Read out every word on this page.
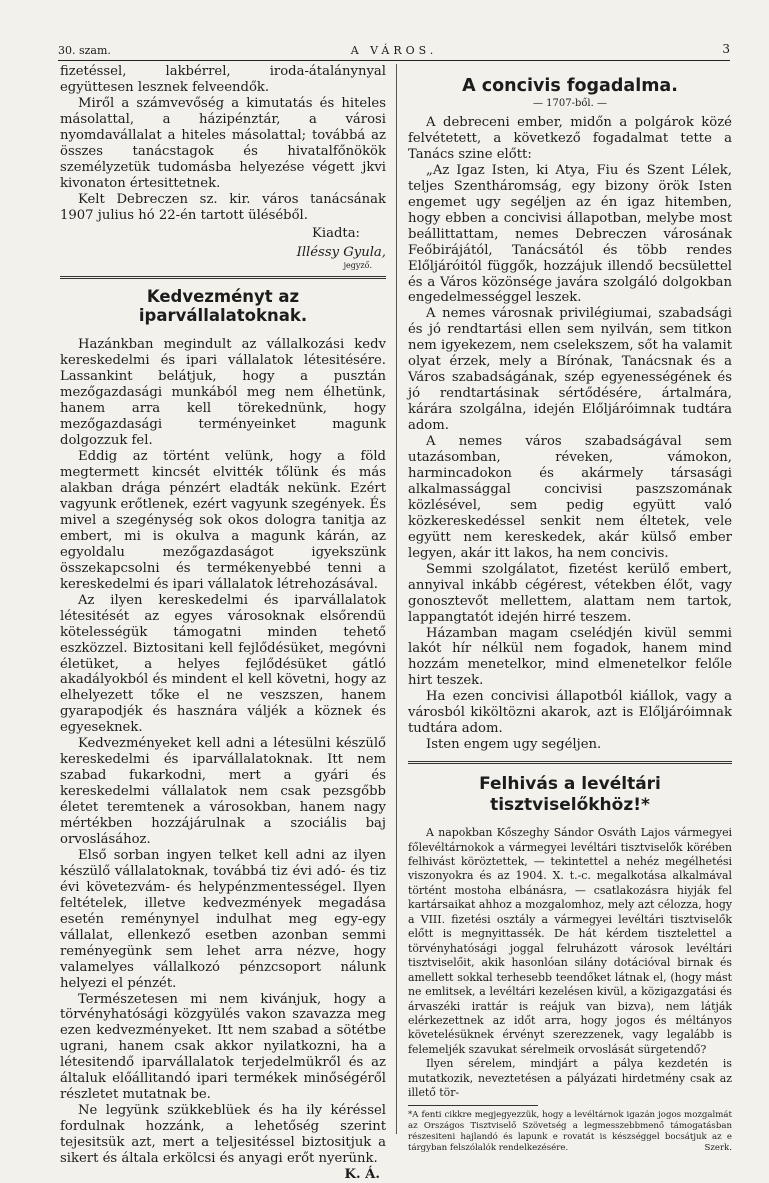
30. szam.	A VÁROS.	3

fizetéssel, lakbérrel, iroda-átalánynyal együttesen lesznek felveendők.

Miről a számvevőség a kimutatás és hiteles másolattal, a házipénztár, a városi nyomdavállalat a hiteles másolattal; továbbá az összes tanácstagok és hivatalfőnökök személyzetük tudomásba helyezése végett jkvi kivonaton értesittetnek.

Kelt Debreczen sz. kir. város tanácsának 1907 julius hó 22-én tartott üléséből.

Kiadta:

Illéssy Gyula,
jegyző.
Kedvezményt az iparvállalatoknak.

Hazánkban megindult az vállalkozási kedv kereskedelmi és ipari vállalatok létesitésére. Lassankint belátjuk, hogy a pusztán mezőgazdasági munkából meg nem élhetünk, hanem arra kell törekednünk, hogy mezőgazdasági terményeinket magunk dolgozzuk fel.

Eddig az történt velünk, hogy a föld megtermett kincsét elvitték tőlünk és más alakban drága pénzért eladták nekünk. Ezért vagyunk erőtlenek, ezért vagyunk szegények. És mivel a szegénység sok okos dologra tanitja az embert, mi is okulva a magunk kárán, az egyoldalu mezőgazdaságot igyekszünk összekapcsolni és termékenyebbé tenni a kereskedelmi és ipari vállalatok létrehozásával.

Az ilyen kereskedelmi és iparvállalatok létesitését az egyes városoknak elsőrendü kötelességük támogatni minden tehető eszközzel. Biztositani kell fejlődésüket, megóvni életüket, a helyes fejlődésüket gátló akadályokból és mindent el kell követni, hogy az elhelyezett tőke el ne veszszen, hanem gyarapodjék és hasznára váljék a köznek és egyeseknek.

Kedvezményeket kell adni a létesülni készülő kereskedelmi és iparvállalatoknak. Itt nem szabad fukarkodni, mert a gyári és kereskedelmi vállalatok nem csak pezsgőbb életet teremtenek a városokban, hanem nagy mértékben hozzájárulnak a szociális baj orvoslásához.

Első sorban ingyen telket kell adni az ilyen készülő vállalatoknak, továbbá tiz évi adó- és tiz évi követezvám- és helypénzmentességel. Ilyen feltételek, illetve kedvezmények megadása esetén reménynyel indulhat meg egy-egy vállalat, ellenkező esetben azonban semmi reményegünk sem lehet arra nézve, hogy valamelyes vállalkozó pénzcsoport nálunk helyezi el pénzét.

Természetesen mi nem kivánjuk, hogy a törvényhatósági közgyülés vakon szavazza meg ezen kedvezményeket. Itt nem szabad a sötétbe ugrani, hanem csak akkor nyilatkozni, ha a létesitendő iparvállalatok terjedelmükről és az általuk előállitandó ipari termékek minőségéről részletet mutatnak be.

Ne legyünk szükkeblüek és ha ily kéréssel fordulnak hozzánk, a lehetőség szerint tejesitsük azt, mert a teljesitéssel biztositjuk a sikert és általa erkölcsi és anyagi erőt nyerünk.

K. Á.

A concivis fogadalma.
— 1707-ből. —

A debreceni ember, midőn a polgárok közé felvétetett, a következő fogadalmat tette a Tanács szine előtt:

„Az Igaz Isten, ki Atya, Fiu és Szent Lélek, teljes Szentháromság, egy bizony örök Isten engemet ugy segéljen az én igaz hitemben, hogy ebben a concivisi állapotban, melybe most beállittattam, nemes Debreczen városának Feőbirájától, Tanácsától és több rendes Előljáróitól függők, hozzájuk illendő becsülettel és a Város közönsége javára szolgáló dolgokban engedelmességgel leszek.

A nemes városnak privilégiumai, szabadsági és jó rendtartási ellen sem nyilván, sem titkon nem igyekezem, nem cselekszem, sőt ha valamit olyat érzek, mely a Bírónak, Tanácsnak és a Város szabadságának, szép egyenességének és jó rendtartásinak sértődésére, ártalmára, kárára szolgálna, idején Előljáróimnak tudtára adom.

A nemes város szabadságával sem utazásomban, réveken, vámokon, harmincadokon és akármely társasági alkalmassággal concivisi paszszomának közlésével, sem pedig együtt való közkereskedéssel senkit nem éltetek, vele együtt nem kereskedek, akár külső ember legyen, akár itt lakos, ha nem concivis.

Semmi szolgálatot, fizetést kerülő embert, annyival inkább cégérest, vétekben élőt, vagy gonosztevőt mellettem, alattam nem tartok, lappangtatót idején hirré teszem.

Házamban magam cselédjén kivül semmi lakót hír nélkül nem fogadok, hanem mind hozzám menetelkor, mind elmenetelkor felőle hirt teszek.

Ha ezen concivisi állapotból kiállok, vagy a városból kiköltözni akarok, azt is Előljáróimnak tudtára adom.

Isten engem ugy segéljen.

Felhivás a levéltári tisztviselőkhöz!*

A napokban Kőszeghy Sándor Osváth Lajos vármegyei főlevéltárnokok a vármegyei levéltári tisztviselők körében felhivást köröztettek, — tekintettel a nehéz megélhetési viszonyokra és az 1904. X. t.-c. megalkotása alkalmával történt mostoha elbánásra, — csatlakozásra hiyják fel kartársaikat ahhoz a mozgalomhoz, mely azt célozza, hogy a VIII. fizetési osztály a vármegyei levéltári tisztviselők előtt is megnyittassék. De hát kérdem tisztelettel a törvényhatósági joggal felruházott városok levéltári tisztviselőit, akik hasonlóan silány dotációval birnak és amellett sokkal terhesebb teendőket látnak el, (hogy mást ne emlitsek, a levéltári kezelésen kivül, a közigazgatási és árvaszéki irattár is reájuk van bizva), nem látják elérkezettnek az időt arra, hogy jogos és méltányos követelésüknek érvényt szerezzenek, vagy legalább is felemeljék szavukat sérelmeik orvoslását sürgetendő?

Ilyen sérelem, mindjárt a pálya kezdetén is mutatkozik, neveztetésen a pályázati hirdetmény csak az illető tör-

*A fenti cikkre megjegyezzük, hogy a levéltárnok igazán jogos mozgalmát az Országos Tisztviselő Szövetség a legmesszebbmenő támogatásban részesiteni hajlandó és lapunk e rovatát is készséggel bocsátjuk az e tárgyban felszólalók rendelkezésére.	Szerk.
